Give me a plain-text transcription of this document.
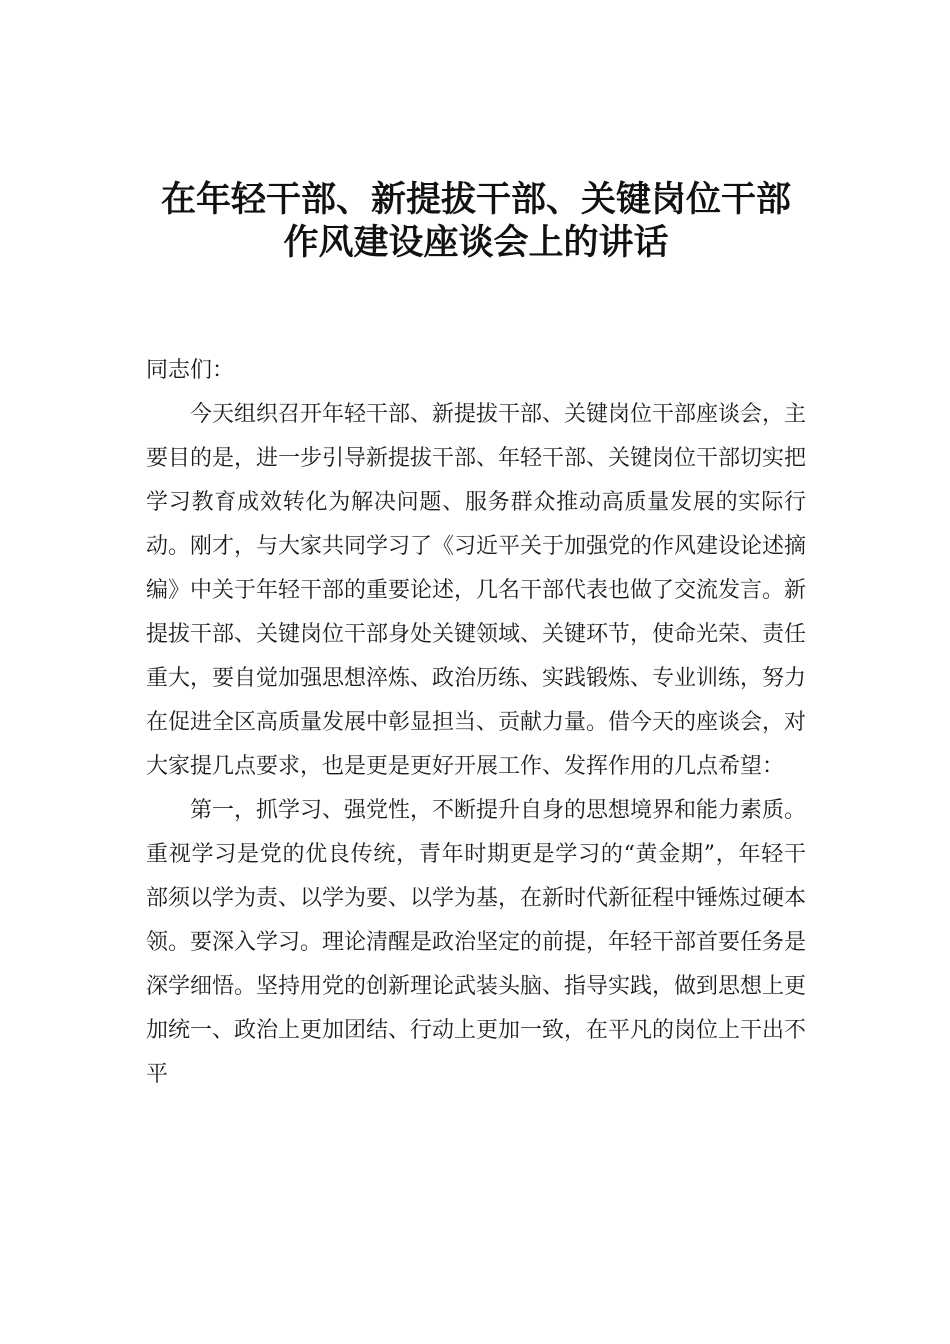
在年轻干部、新提拔干部、关键岗位干部
作风建设座谈会上的讲话

同志们：

今天组织召开年轻干部、新提拔干部、关键岗位干部座谈会，主要目的是，进一步引导新提拔干部、年轻干部、关键岗位干部切实把学习教育成效转化为解决问题、服务群众推动高质量发展的实际行动。刚才，与大家共同学习了《习近平关于加强党的作风建设论述摘编》中关于年轻干部的重要论述，几名干部代表也做了交流发言。新提拔干部、关键岗位干部身处关键领域、关键环节，使命光荣、责任重大，要自觉加强思想淬炼、政治历练、实践锻炼、专业训练，努力在促进全区高质量发展中彰显担当、贡献力量。借今天的座谈会，对大家提几点要求，也是更是更好开展工作、发挥作用的几点希望：

第一，抓学习、强党性，不断提升自身的思想境界和能力素质。重视学习是党的优良传统，青年时期更是学习的“黄金期”，年轻干部须以学为责、以学为要、以学为基，在新时代新征程中锤炼过硬本领。要深入学习。理论清醒是政治坚定的前提，年轻干部首要任务是深学细悟。坚持用党的创新理论武装头脑、指导实践，做到思想上更加统一、政治上更加团结、行动上更加一致，在平凡的岗位上干出不平
